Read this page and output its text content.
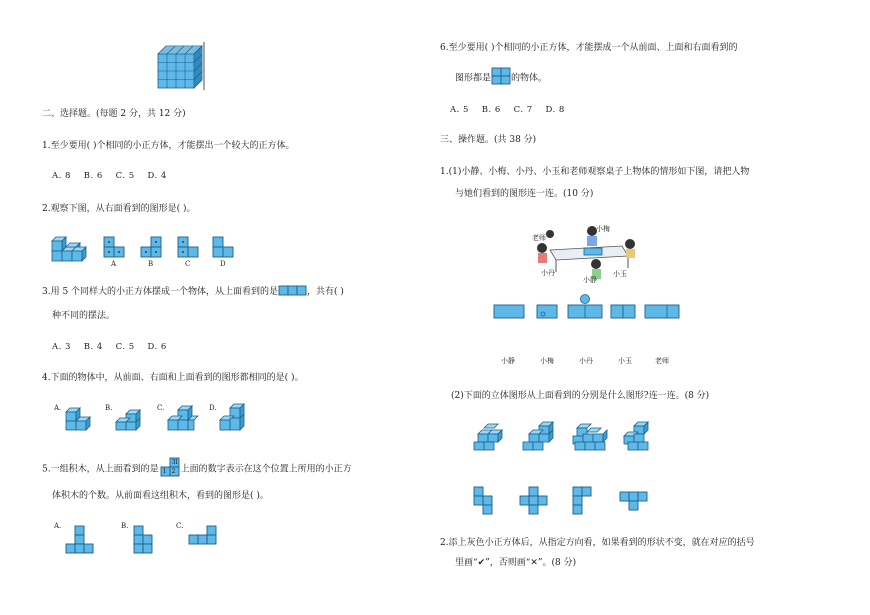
二、选择题。(每题 2 分，共 12 分)
1.至少要用( )个相同的小正方体，才能摆出一个较大的正方体。
A. 8    B. 6    C. 5    D. 4
2.观察下图，从右面看到的图形是( )。
A	B	C	D
3.用 5 个同样大的小正方体摆成一个物体，从上面看到的是	，共有( )
种不同的摆法。
A. 3    B. 4    C. 5    D. 6
4.下面的物体中，从前面、右面和上面看到的图形都相同的是( )。
A.	B.	C.	D.
5.一组积木，从上面看到的是
3 1
1 2 上面的数字表示在这个位置上所用的小正方
体积木的个数。从前面看这组积木，看到的图形是( )。
A.	B.	C.
6.至少要用( )个相同的小正方体，才能摆成一个从前面、上面和右面看到的
图形都是 的物体。
A. 5    B. 6    C. 7    D. 8
三、操作题。(共 38 分)
1.(1)小静、小梅、小丹、小玉和老师观察桌子上物体的情形如下图，请把人物
与她们看到的图形连一连。(10 分)
老师
小梅
小丹	小玉
小静
小静	小梅	小丹	小玉	老师
(2)下面的立体图形从上面看到的分别是什么图形?连一连。(8 分)
2.添上灰色小正方体后，从指定方向看，如果看到的形状不变，就在对应的括号
里画“✔”，否则画“✕”。(8 分)
